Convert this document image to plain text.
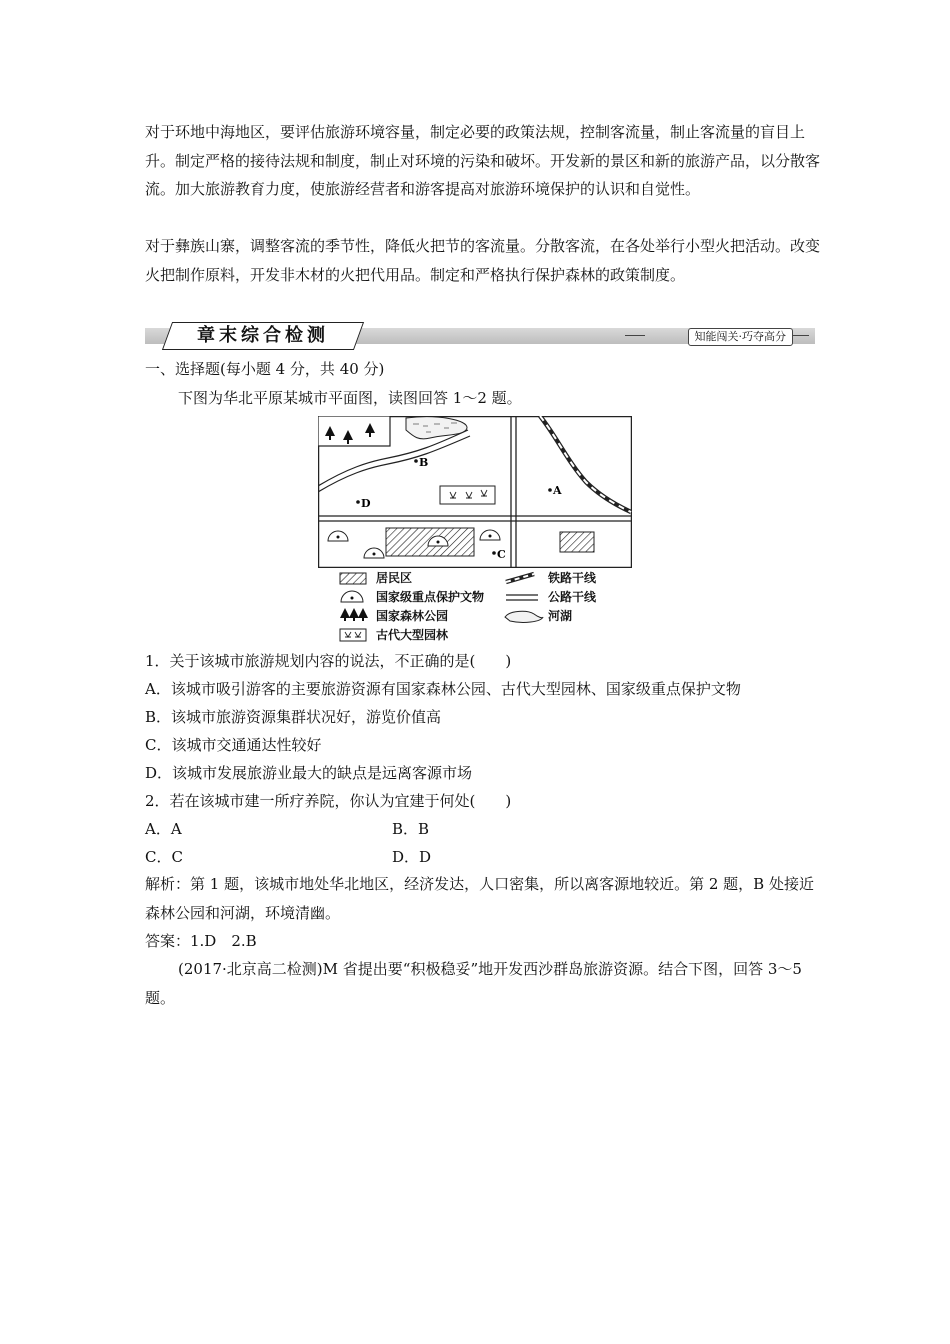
对于环地中海地区，要评估旅游环境容量，制定必要的政策法规，控制客流量，制止客流量的盲目上升。制定严格的接待法规和制度，制止对环境的污染和破坏。开发新的景区和新的旅游产品，以分散客流。加大旅游教育力度，使旅游经营者和游客提高对旅游环境保护的认识和自觉性。

对于彝族山寨，调整客流的季节性，降低火把节的客流量。分散客流，在各处举行小型火把活动。改变火把制作原料，开发非木材的火把代用品。制定和严格执行保护森林的政策制度。

章末综合检测	知能闯关·巧夺高分
一、选择题(每小题 4 分，共 40 分)
下图为华北平原某城市平面图，读图回答 1～2 题。
B
A
D
C
居民区
国家级重点保护文物
国家森林公园
古代大型园林
铁路干线
公路干线
河湖
1．关于该城市旅游规划内容的说法，不正确的是(　　)
A．该城市吸引游客的主要旅游资源有国家森林公园、古代大型园林、国家级重点保护文物
B．该城市旅游资源集群状况好，游览价值高
C．该城市交通通达性较好
D．该城市发展旅游业最大的缺点是远离客源市场
2．若在该城市建一所疗养院，你认为宜建于何处(　　)
A．A	B．B
C．C	D．D

解析：第 1 题，该城市地处华北地区，经济发达，人口密集，所以离客源地较近。第 2 题，B 处接近森林公园和河湖，环境清幽。

答案：1.D　2.B

(2017·北京高二检测)M 省提出要“积极稳妥”地开发西沙群岛旅游资源。结合下图，回答 3～5 题。
